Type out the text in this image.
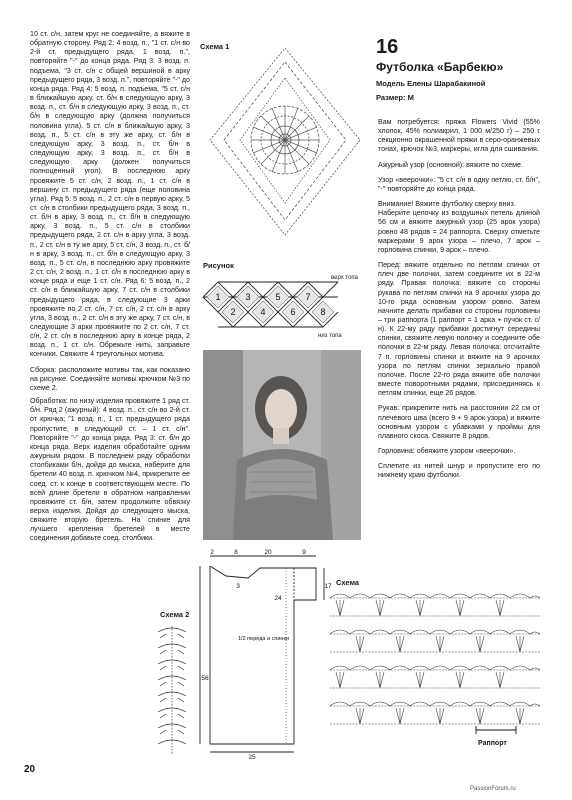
10 ст. с/н, затем круг не соединяйте, а вяжите в обратную сторону. Ряд 2: 4 возд. п., "1 ст. с/н во 2-й ст. предыдущего ряда, 1 возд. п.", повторяйте "-" до конца ряда. Ряд 3: 3 возд. п. подъема, "3 ст. с/н с общей вершиной в арку предыдущего ряда, 3 возд. п.", повторяйте "-" до конца ряда. Ряд 4: 5 возд. п. подъема, "5 ст. с/н в ближайшую арку, ст. б/н в следующую арку, 3 возд. п., ст. б/н в следующую арку, 3 возд. п., ст. б/н в следующую арку (должна получиться половина угла). 5 ст. с/н в ближайшую арку, 3 возд. п., 5 ст. с/н в эту же арку, ст. б/н в следующую арку, 3 возд. п., ст. б/н в следующую арку, 3 возд. п., ст. б/н в следующую арку (должен получиться полноценный угол). В последнюю арку провяжите 5 ст. с/н, 2 возд. п., 1 ст. с/н в вершину ст. предыдущего ряда (еще половина угла). Ряд 5: 5 возд. п., 2 ст. с/н в первую арку, 5 ст. с/н в столбики предыдущего ряда, 3 возд. п., ст. б/н в арку, 3 возд. п., ст. б/н в следующую арку, 3 возд. п., 5 ст. с/н в столбики предыдущего ряда, 2 ст. с/н в арку угла, 3 возд. п., 2 ст. с/н в ту же арку, 5 ст. с/н, 3 возд. п., ст. б/н в арку, 3 возд. п., ст. б/н в следующую арку, 3 возд. п., 5 ст. с/н, в последнюю арку провяжите 2 ст. с/н, 2 возд. п., 1 ст. с/н в последнюю арку в конце ряда и еще 1 ст. с/н. Ряд 6: 5 возд. п., 2 ст. с/н в ближайшую арку, 7 ст. с/н в столбики предыдущего ряда, в следующие 3 арки провяжите по 2 ст. с/н, 7 ст. с/н, 2 ст. с/н в арку угла, 3 возд. п., 2 ст. с/н в эту же арку, 7 ст. с/н, в следующие 3 арки провяжите по 2 ст. с/н, 7 ст. с/н, 2 ст. с/н в последнюю арку в конце ряда, 2 возд. п., 1 ст. с/н. Обрежьте нить, заправьте кончики. Свяжите 4 треугольных мотива.

Сборка: расположите мотивы так, как показано на рисунке. Соединяйте мотивы крючком №3 по схеме 2.

Обработка: по низу изделия провяжите 1 ряд ст. б/н. Ряд 2 (ажурный): 4 возд. п., ст. с/н во 2-й ст. от крючка; "1 возд. п., 1 ст. предыдущего ряда пропустите, в следующий ст. – 1 ст. с/н". Повторяйте "-" до конца ряда. Ряд 3: ст. б/н до конца ряда. Верх изделия обработайте одним ажурным рядом. В последнем ряду обработки столбиками б/н, дойдя до мыска, наберите для бретели 40 возд. п. крючком №4, прикрепите ее соед. ст. к конце в соответствующем месте. По всей длине бретели в обратном направлении провяжите ст. б/н, затем продолжите обвязку верха изделия. Дойдя до следующего мыска, свяжите вторую бретель. На спинке для лучшего крепления бретелей в месте соединения добавьте соед. столбики.

Схема 1
Рисунок
верх топа
низ топа
1	3	5	7
2	4	6	8
16
Футболка «Барбекю»
Модель Елены Шарабакиной
Размер: М

Вам потребуется: пряжа Flowers Vivid (55% хлопок, 45% полиакрил, 1 000 м/250 г) – 250 г секционно окрашенной пряжи в серо-оранжевых тонах, крючок №3, маркеры, игла для сшивания.

Ажурный узор (основной): вяжите по схеме.

Узор «веерочки»: "5 ст. с/н в одну петлю, ст. б/н", "-" повторяйте до конца ряда.

Внимание! Вяжите футболку сверху вниз.

Наберите цепочку из воздушных петель длиной 56 см и вяжите ажурный узор (25 арок узора) ровно 48 рядов = 24 раппорта. Сверху отметьте маркерами 9 арок узора – плечо, 7 арок – горловина спинки, 9 арок – плечо.

Перед: вяжите отдельно по петлям спинки от плеч две полочки, затем соедините их в 22-м ряду. Правая полочка: вяжите со стороны рукава по петлям спинки на 9 арочках узора до 10-го ряда основным узором ровно. Затем начните делать прибавки со стороны горловины – три раппорта (1 раппорт = 1 арка + пучок ст. с/н). К 22-му ряду прибавки достигнут середины спинки, свяжите левую полочку и соедините обе полочки в 22-м ряду. Левая полочка: отсчитайте 7 п. горловины спинки и вяжите на 9 арочках узора по петлям спинки зеркально правой полочке. После 22-го ряда вяжите обе полочки вместе поворотными рядами, присоединяясь к петлям спинки, еще 26 рядов.

Рукав: прикрепите нить на расстоянии 22 см от плечевого шва (всего 9 + 9 арок узора) и вяжите основным узором с убавками у проймы для плавного скоса. Свяжите 8 рядов.

Горловина: обвяжите узором «веерочки».

Сплетите из нитей шнур и пропустите его по нижнему краю футболки.

2	8	20	9
3
24
17
56
25
1/2 переда и спинки
Схема 2
Схема
Раппорт
20
PassionForum.ru
